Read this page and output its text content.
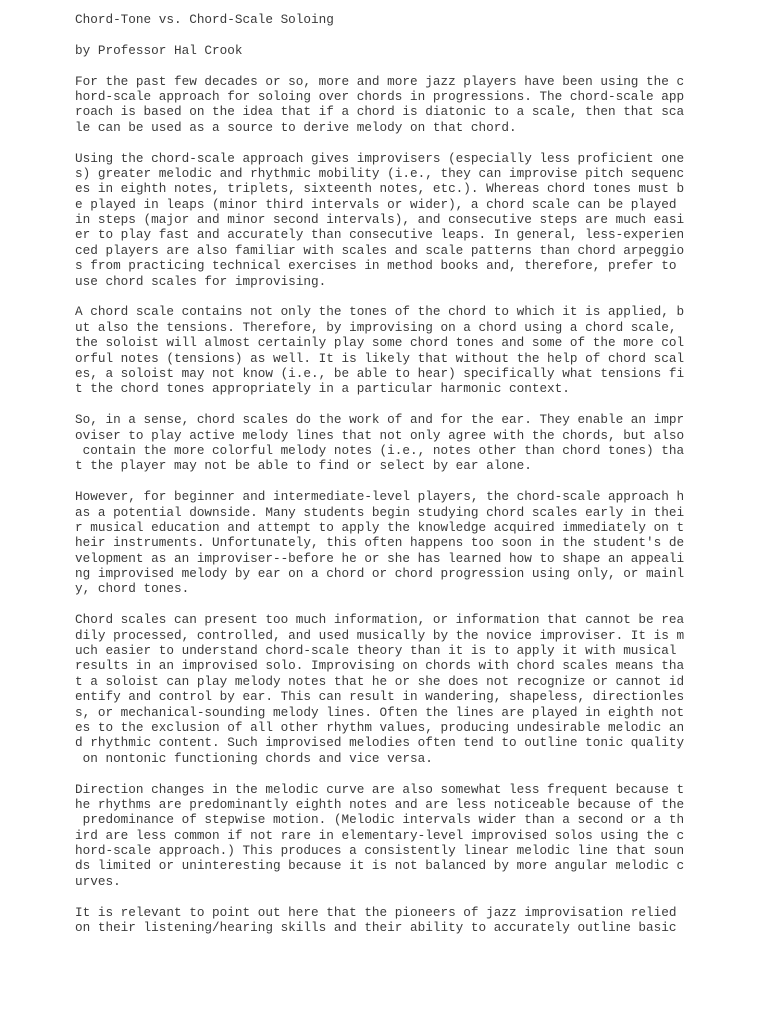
Chord-Tone vs. Chord-Scale Soloing
by Professor Hal Crook
For the past few decades or so, more and more jazz players have been using the c
hord-scale approach for soloing over chords in progressions. The chord-scale app
roach is based on the idea that if a chord is diatonic to a scale, then that sca
le can be used as a source to derive melody on that chord.
Using the chord-scale approach gives improvisers (especially less proficient one
s) greater melodic and rhythmic mobility (i.e., they can improvise pitch sequenc
es in eighth notes, triplets, sixteenth notes, etc.). Whereas chord tones must b
e played in leaps (minor third intervals or wider), a chord scale can be played
in steps (major and minor second intervals), and consecutive steps are much easi
er to play fast and accurately than consecutive leaps. In general, less-experien
ced players are also familiar with scales and scale patterns than chord arpeggio
s from practicing technical exercises in method books and, therefore, prefer to
use chord scales for improvising.
A chord scale contains not only the tones of the chord to which it is applied, b
ut also the tensions. Therefore, by improvising on a chord using a chord scale,
the soloist will almost certainly play some chord tones and some of the more col
orful notes (tensions) as well. It is likely that without the help of chord scal
es, a soloist may not know (i.e., be able to hear) specifically what tensions fi
t the chord tones appropriately in a particular harmonic context.
So, in a sense, chord scales do the work of and for the ear. They enable an impr
oviser to play active melody lines that not only agree with the chords, but also
contain the more colorful melody notes (i.e., notes other than chord tones) tha
t the player may not be able to find or select by ear alone.
However, for beginner and intermediate-level players, the chord-scale approach h
as a potential downside. Many students begin studying chord scales early in thei
r musical education and attempt to apply the knowledge acquired immediately on t
heir instruments. Unfortunately, this often happens too soon in the student's de
velopment as an improviser--before he or she has learned how to shape an appeali
ng improvised melody by ear on a chord or chord progression using only, or mainl
y, chord tones.
Chord scales can present too much information, or information that cannot be rea
dily processed, controlled, and used musically by the novice improviser. It is m
uch easier to understand chord-scale theory than it is to apply it with musical
results in an improvised solo. Improvising on chords with chord scales means tha
t a soloist can play melody notes that he or she does not recognize or cannot id
entify and control by ear. This can result in wandering, shapeless, directionles
s, or mechanical-sounding melody lines. Often the lines are played in eighth not
es to the exclusion of all other rhythm values, producing undesirable melodic an
d rhythmic content. Such improvised melodies often tend to outline tonic quality
on nontonic functioning chords and vice versa.
Direction changes in the melodic curve are also somewhat less frequent because t
he rhythms are predominantly eighth notes and are less noticeable because of the
predominance of stepwise motion. (Melodic intervals wider than a second or a th
ird are less common if not rare in elementary-level improvised solos using the c
hord-scale approach.) This produces a consistently linear melodic line that soun
ds limited or uninteresting because it is not balanced by more angular melodic c
urves.
It is relevant to point out here that the pioneers of jazz improvisation relied
on their listening/hearing skills and their ability to accurately outline basic
